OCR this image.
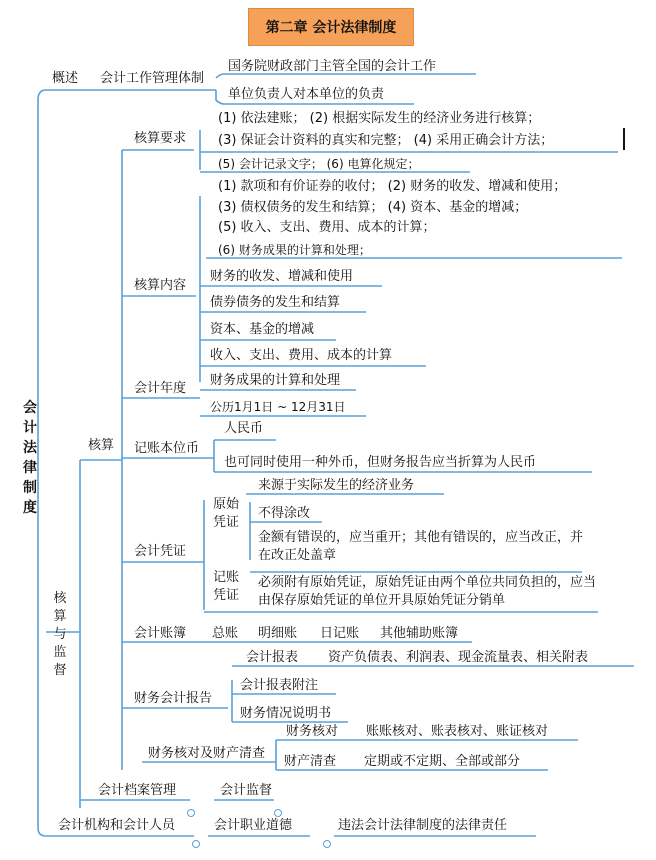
第二章 会计法律制度
会 计法律制度
概述 会计工作管理体制
国务院财政部门主管全国的会计工作
单位负责人对本单位的负责
核算要求
(1) 依法建账； (2) 根据实际发生的经济业务进行核算；
(3) 保证会计资料的真实和完整； (4) 采用正确会计方法；
(5) 会计记录文字； (6) 电算化规定；
(1) 款项和有价证券的收付； (2) 财务的收发、增减和使用；
(3) 债权债务的发生和结算； (4) 资本、基金的增减；
(5) 收入、支出、费用、成本的计算；
(6) 财务成果的计算和处理；
核算内容
财务的收发、增减和使用
债券债务的发生和结算
资本、基金的增减
收入、支出、费用、成本的计算
财务成果的计算和处理
会计年度
公历1月1日 ~ 12月31日
核算 记账本位币
人民币
也可同时使用一种外币，但财务报告应当折算为人民币
会计凭证
原始凭证
来源于实际发生的经济业务
不得涂改
金额有错误的，应当重开；其他有错误的，应当改正，并在改正处盖章
记账凭证
必须附有原始凭证，原始凭证由两个单位共同负担的，应当由保存原始凭证的单位开具原始凭证分销单
会计账簿 总账 明细账 日记账 其他辅助账簿
财务会计报告
会计报表 资产负债表、利润表、现金流量表、相关附表
会计报表附注
财务情况说明书
财务核对及财产清查
财务核对 账账核对、账表核对、账证核对
财产清查 定期或不定期、全部或部分
核算与监督
会计档案管理	会计监督
会计机构和会计人员	会计职业道德	违法会计法律制度的法律责任
